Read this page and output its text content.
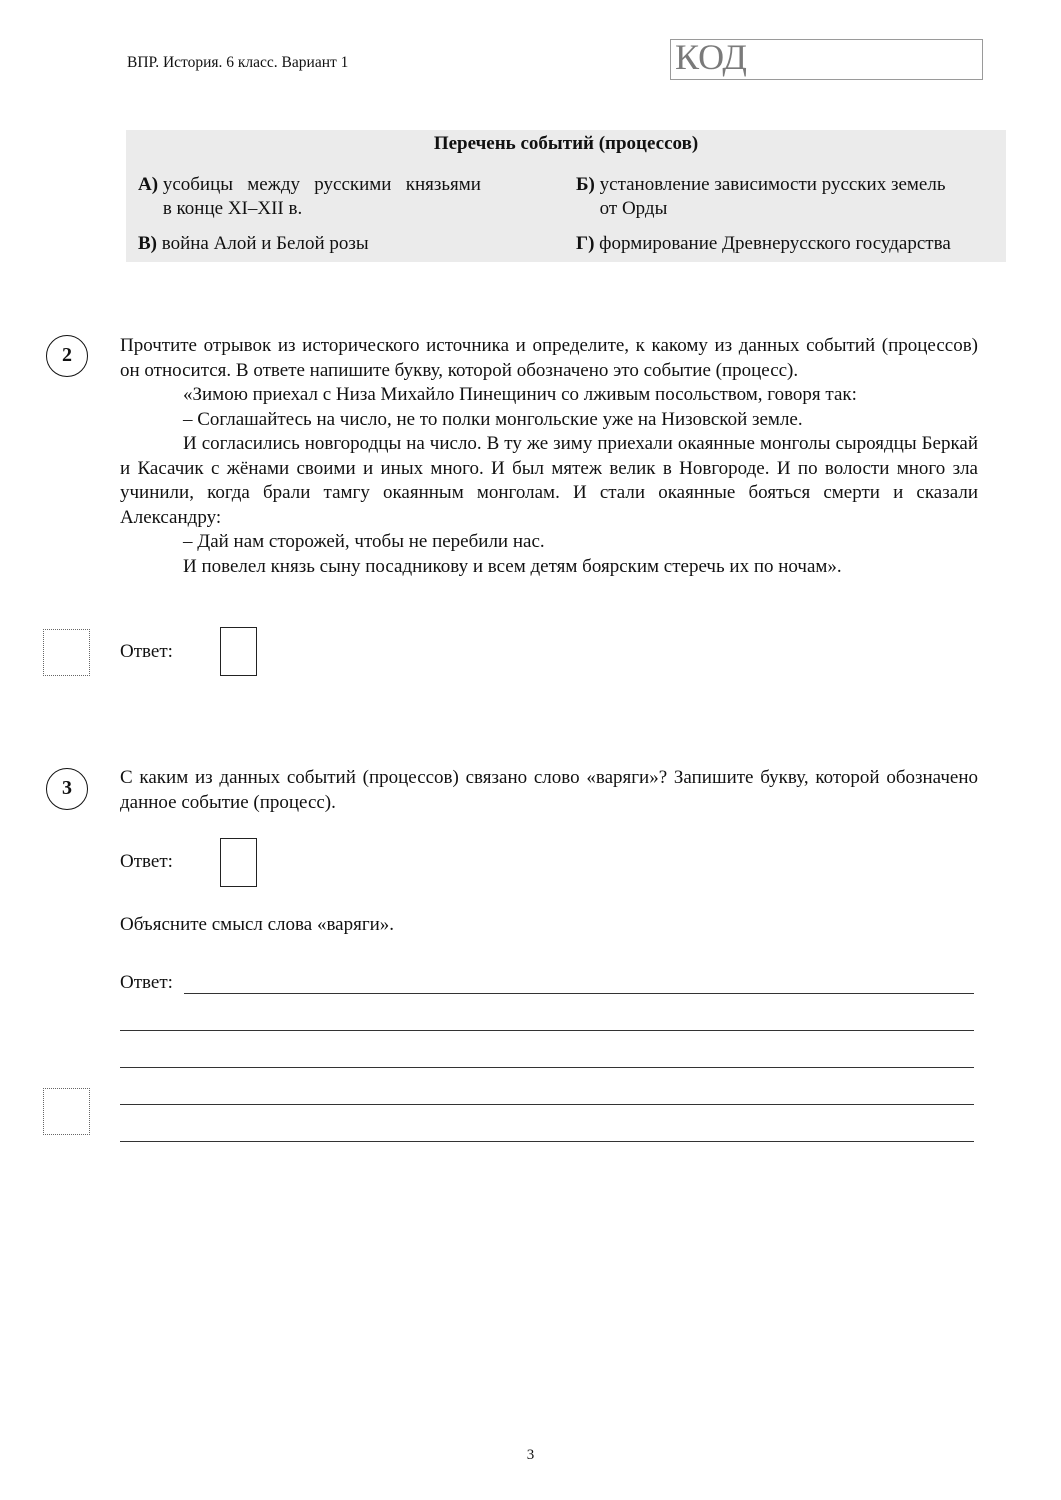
ВПР. История. 6 класс. Вариант 1	КОД
Перечень событий (процессов)
А) усобицы   между   русскими   князьями
в конце XI–XII в.
Б) установление зависимости русских земель
от Орды
В) война Алой и Белой розы	Г) формирование Древнерусского государства
2	Прочтите отрывок из исторического источника и определите, к какому из данных событий (процессов) он относится. В ответе напишите букву, которой обозначено это событие (процесс).
«Зимою приехал с Низа Михайло Пинещинич со лживым посольством, говоря так:
– Соглашайтесь на число, не то полки монгольские уже на Низовской земле.
И согласились новгородцы на число. В ту же зиму приехали окаянные монголы сыроядцы Беркай и Касачик с жёнами своими и иных много. И был мятеж велик в Новгороде. И по волости много зла учинили, когда брали тамгу окаянным монголам. И стали окаянные бояться смерти и сказали Александру:
– Дай нам сторожей, чтобы не перебили нас.
И повелел князь сыну посадникову и всем детям боярским стеречь их по ночам».
Ответ:
3	С каким из данных событий (процессов) связано слово «варяги»? Запишите букву, которой обозначено данное событие (процесс).
Ответ:
Объясните смысл слова «варяги».
Ответ:
3
